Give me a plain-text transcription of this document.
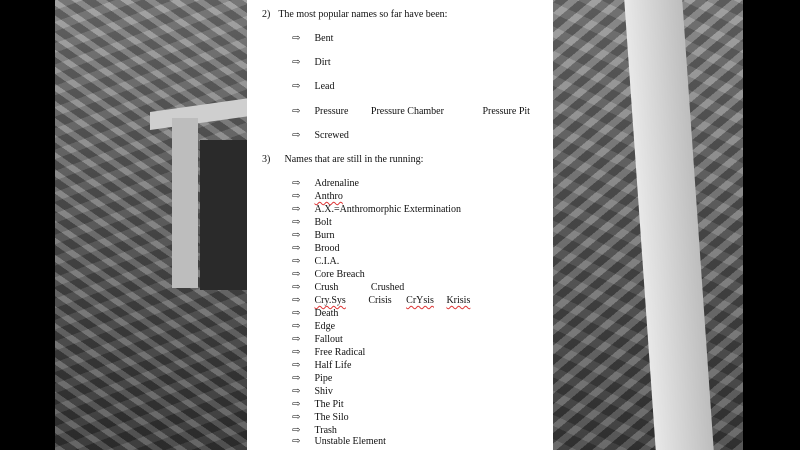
2) The most popular names so far have been:
⇨ Bent
⇨ Dirt
⇨ Lead
⇨ Pressure Pressure Chamber	Pressure Pit
⇨ Screwed
3) Names that are still in the running:
⇨ Adrenaline
⇨ Anthro
⇨ A.X.=Anthromorphic Extermination
⇨ Bolt
⇨ Burn
⇨ Brood
⇨ C.I.A.
⇨ Core Breach
⇨ Crush	Crushed
⇨ Cry.Sys Crisis CrYsis Krisis
⇨ Death
⇨ Edge
⇨ Fallout
⇨ Free Radical
⇨ Half Life
⇨ Pipe
⇨ Shiv
⇨ The Pit
⇨ The Silo
⇨ Trash
⇨ Unstable Element
